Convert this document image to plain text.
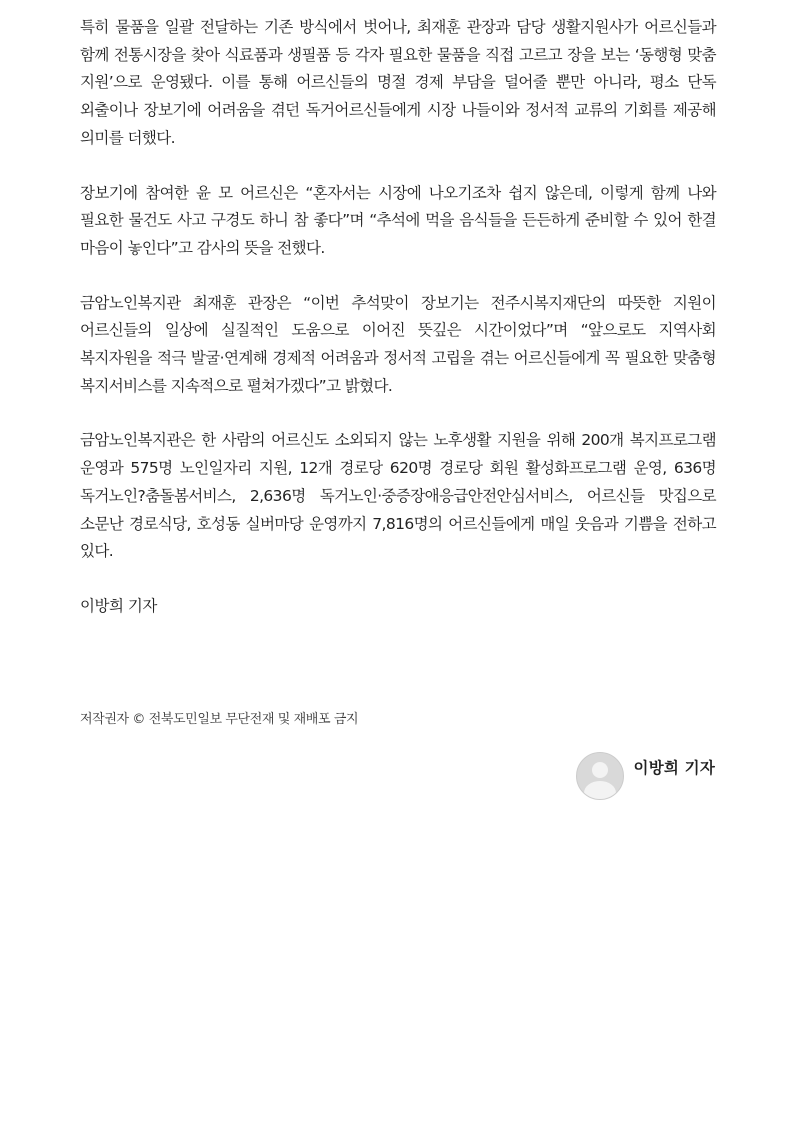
특히 물품을 일괄 전달하는 기존 방식에서 벗어나, 최재훈 관장과 담당 생활지원사가 어르신들과 함께 전통시장을 찾아 식료품과 생필품 등 각자 필요한 물품을 직접 고르고 장을 보는 ‘동행형 맞춤 지원’으로 운영됐다. 이를 통해 어르신들의 명절 경제 부담을 덜어줄 뿐만 아니라, 평소 단독 외출이나 장보기에 어려움을 겪던 독거어르신들에게 시장 나들이와 정서적 교류의 기회를 제공해 의미를 더했다.

장보기에 참여한 윤 모 어르신은 “혼자서는 시장에 나오기조차 쉽지 않은데, 이렇게 함께 나와 필요한 물건도 사고 구경도 하니 참 좋다”며 “추석에 먹을 음식들을 든든하게 준비할 수 있어 한결 마음이 놓인다”고 감사의 뜻을 전했다.

금암노인복지관 최재훈 관장은 “이번 추석맞이 장보기는 전주시복지재단의 따뜻한 지원이 어르신들의 일상에 실질적인 도움으로 이어진 뜻깊은 시간이었다”며 “앞으로도 지역사회 복지자원을 적극 발굴·연계해 경제적 어려움과 정서적 고립을 겪는 어르신들에게 꼭 필요한 맞춤형 복지서비스를 지속적으로 펼쳐가겠다”고 밝혔다.

금암노인복지관은 한 사람의 어르신도 소외되지 않는 노후생활 지원을 위해 200개 복지프로그램 운영과 575명 노인일자리 지원, 12개 경로당 620명 경로당 회원 활성화프로그램 운영, 636명 독거노인?춤돌봄서비스, 2,636명 독거노인·중증장애응급안전안심서비스, 어르신들 맛집으로 소문난 경로식당, 호성동 실버마당 운영까지 7,816명의 어르신들에게 매일 웃음과 기쁨을 전하고 있다.

이방희 기자

저작권자 © 전북도민일보 무단전재 및 재배포 금지
이방희 기자
